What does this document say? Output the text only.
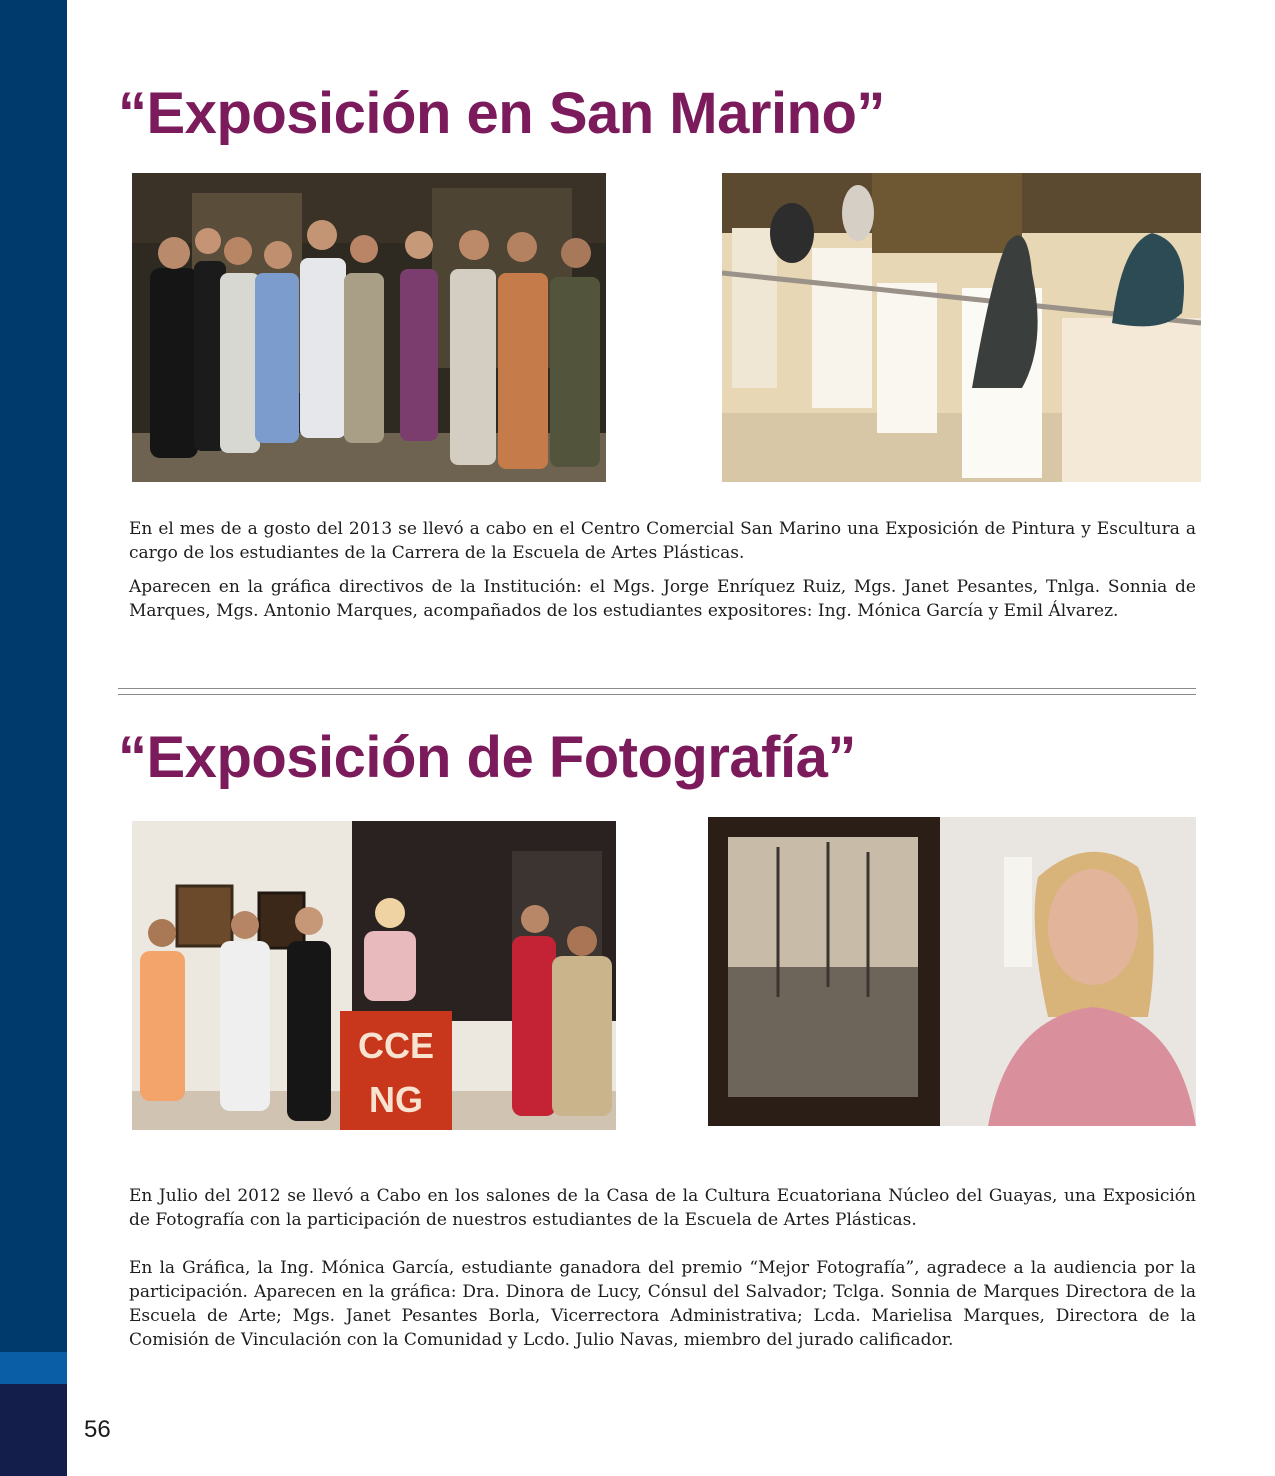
56
“Exposición en San Marino”

En el mes de a gosto del 2013 se llevó a cabo en el Centro Comercial San Marino una Exposición de Pintura y Escultura a cargo de los estudiantes de la Carrera de la Escuela de Artes Plásticas.

Aparecen en la gráfica directivos de la Institución: el Mgs. Jorge Enríquez Ruiz, Mgs. Janet Pesantes, Tnlga. Sonnia de Marques, Mgs. Antonio Marques, acompañados de los estudiantes expositores: Ing. Mónica García y Emil Álvarez.

“Exposición de Fotografía”
CCE
NG

En Julio del 2012 se llevó a Cabo en los salones de la Casa de la Cultura Ecuatoriana Núcleo del Guayas, una Exposición de Fotografía con la participación de nuestros estudiantes de la Escuela de Artes Plásticas.

En la Gráfica, la Ing. Mónica García, estudiante ganadora del premio “Mejor Fotografía”, agradece a la audiencia por la participación. Aparecen en la gráfica: Dra. Dinora de Lucy, Cónsul del Salvador; Tclga. Sonnia de Marques Directora de la Escuela de Arte; Mgs. Janet Pesantes Borla, Vicerrectora Administrativa; Lcda. Marielisa Marques, Directora de la Comisión de Vinculación con la Comunidad y Lcdo. Julio Navas, miembro del jurado calificador.
